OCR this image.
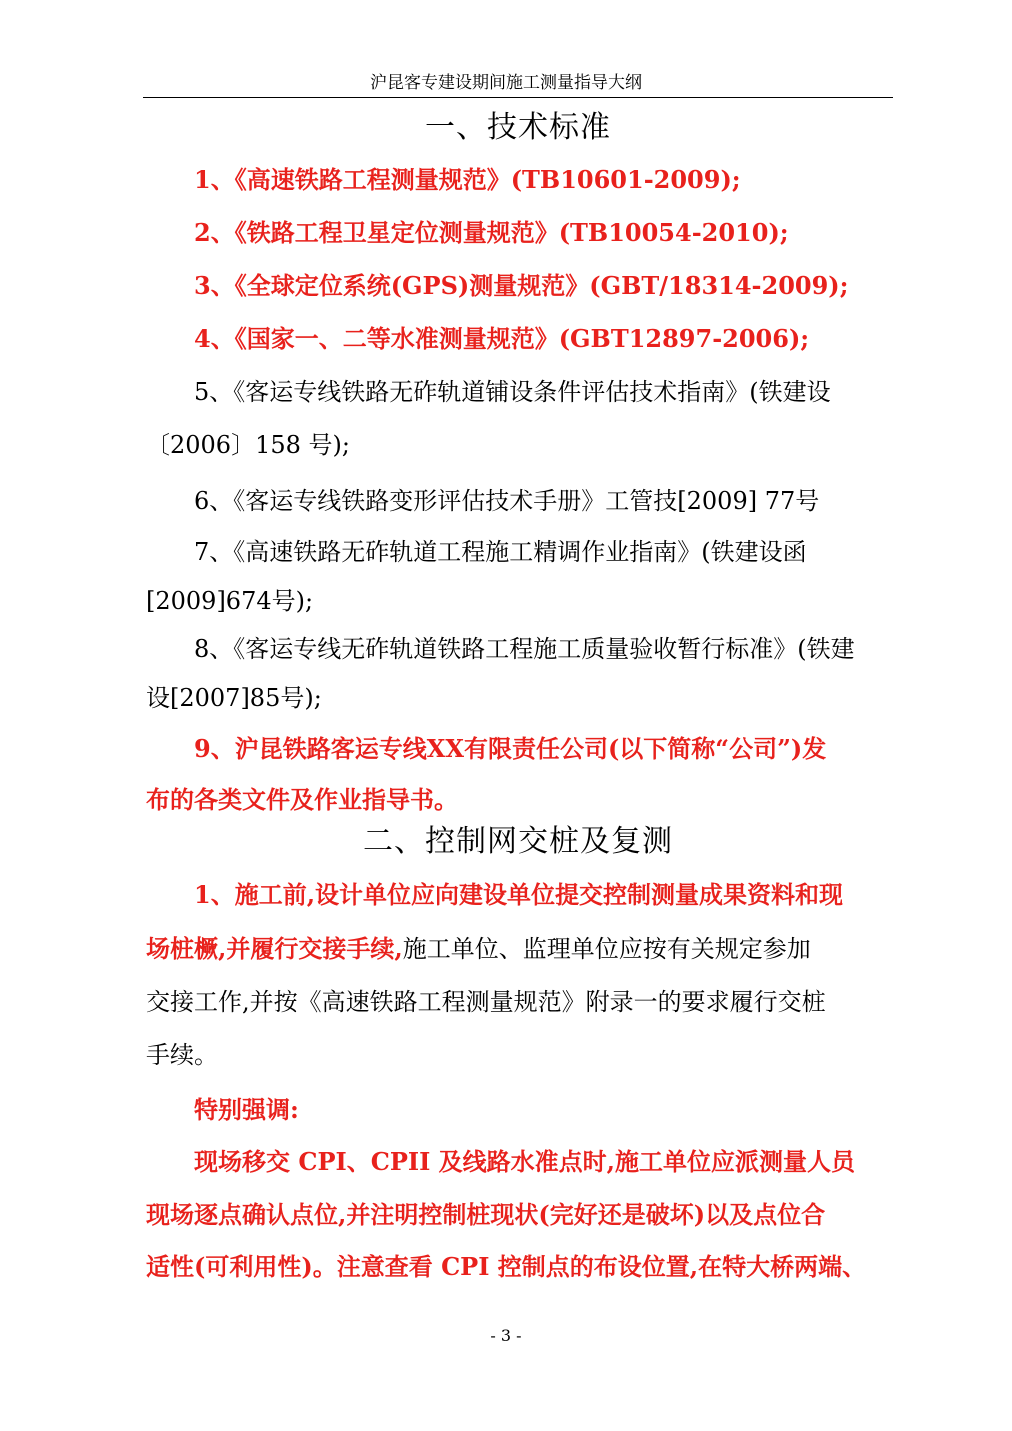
沪昆客专建设期间施工测量指导大纲
一、技术标准
1、《高速铁路工程测量规范》(TB10601-2009);
2、《铁路工程卫星定位测量规范》(TB10054-2010);
3、《全球定位系统(GPS)测量规范》(GBT/18314-2009);
4、《国家一、二等水准测量规范》(GBT12897-2006);
5、《客运专线铁路无砟轨道铺设条件评估技术指南》(铁建设
〔2006〕158 号);
6、《客运专线铁路变形评估技术手册》工管技[2009] 77号
7、《高速铁路无砟轨道工程施工精调作业指南》(铁建设函
[2009]674号);
8、《客运专线无砟轨道铁路工程施工质量验收暂行标准》(铁建
设[2007]85号);
9、沪昆铁路客运专线XX有限责任公司(以下简称“公司”)发
布的各类文件及作业指导书。
二、控制网交桩及复测
1、施工前,设计单位应向建设单位提交控制测量成果资料和现
场桩橛,并履行交接手续,施工单位、监理单位应按有关规定参加
交接工作,并按《高速铁路工程测量规范》附录一的要求履行交桩
手续。
特别强调:
现场移交 CPI、CPII 及线路水准点时,施工单位应派测量人员
现场逐点确认点位,并注明控制桩现状(完好还是破坏)以及点位合
适性(可利用性)。注意查看 CPI 控制点的布设位置,在特大桥两端、
- 3 -
